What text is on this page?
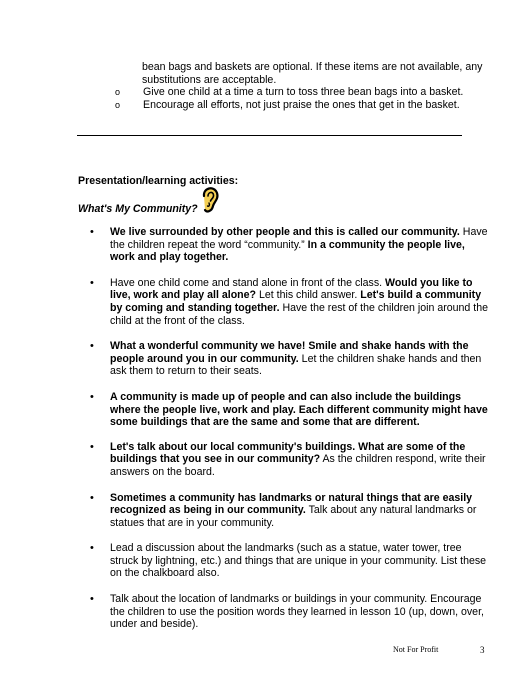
bean bags and baskets are optional. If these items are not available, any substitutions are acceptable.
o	Give one child at a time a turn to toss three bean bags into a basket.
o	Encourage all efforts, not just praise the ones that get in the basket.
Presentation/learning activities:
What's My Community?
•	We live surrounded by other people and this is called our community. Have the children repeat the word “community.” In a community the people live, work and play together.
•	Have one child come and stand alone in front of the class. Would you like to live, work and play all alone? Let this child answer. Let's build a community by coming and standing together. Have the rest of the children join around the child at the front of the class.
•	What a wonderful community we have! Smile and shake hands with the people around you in our community. Let the children shake hands and then ask them to return to their seats.
•	A community is made up of people and can also include the buildings where the people live, work and play. Each different community might have some buildings that are the same and some that are different.
•	Let's talk about our local community's buildings. What are some of the buildings that you see in our community? As the children respond, write their answers on the board.
•	Sometimes a community has landmarks or natural things that are easily recognized as being in our community. Talk about any natural landmarks or statues that are in your community.
•	Lead a discussion about the landmarks (such as a statue, water tower, tree struck by lightning, etc.) and things that are unique in your community. List these on the chalkboard also.
•	Talk about the location of landmarks or buildings in your community. Encourage the children to use the position words they learned in lesson 10 (up, down, over, under and beside).
Not For Profit	3
